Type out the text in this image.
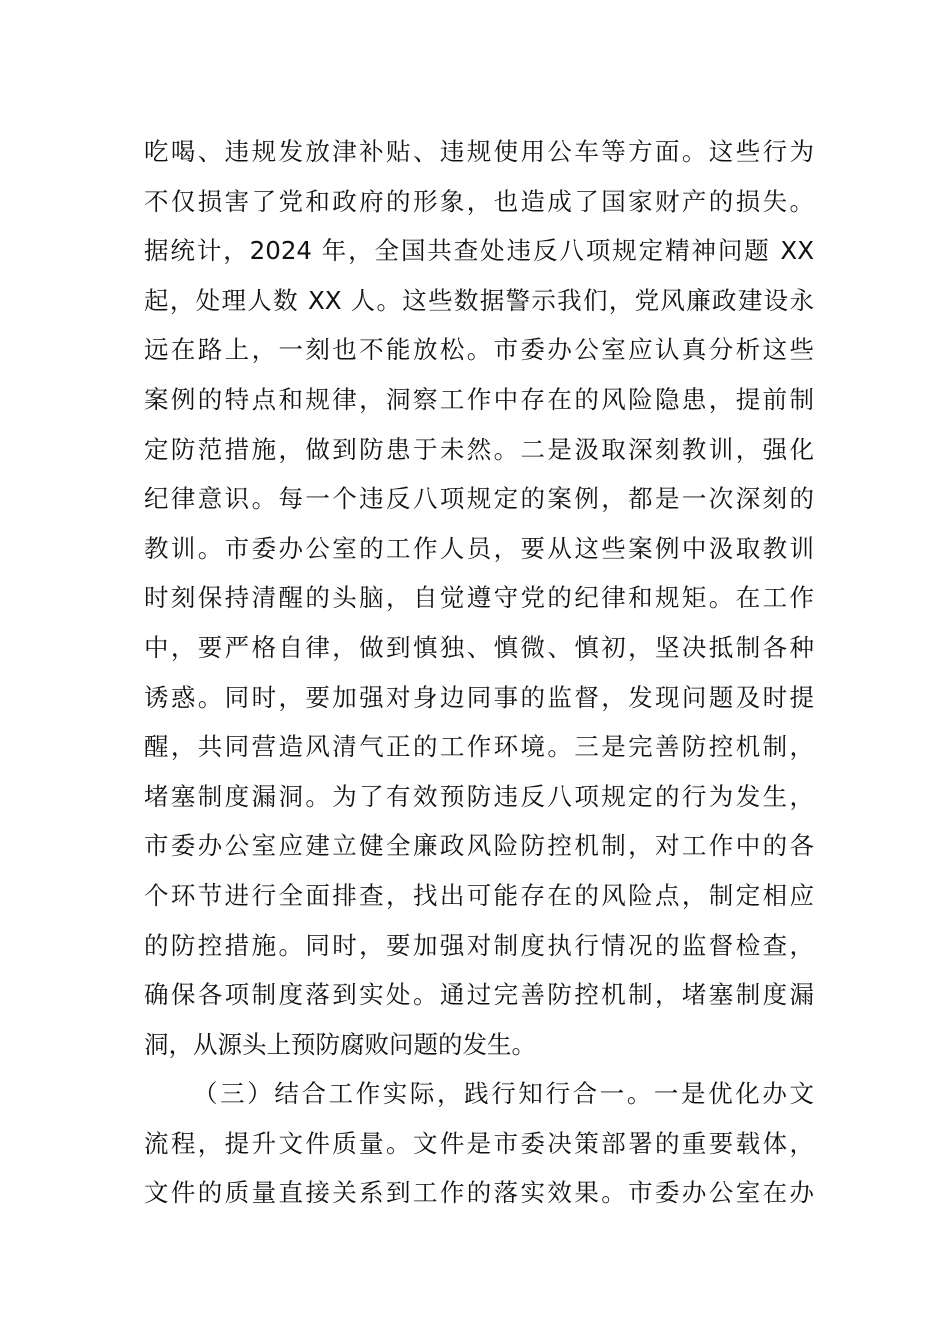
吃喝、违规发放津补贴、违规使用公车等方面。这些行为
不仅损害了党和政府的形象，也造成了国家财产的损失。
据统计，2024 年，全国共查处违反八项规定精神问题 XX
起，处理人数 XX 人。这些数据警示我们，党风廉政建设永
远在路上，一刻也不能放松。市委办公室应认真分析这些
案例的特点和规律，洞察工作中存在的风险隐患，提前制
定防范措施，做到防患于未然。二是汲取深刻教训，强化
纪律意识。每一个违反八项规定的案例，都是一次深刻的
教训。市委办公室的工作人员，要从这些案例中汲取教训
时刻保持清醒的头脑，自觉遵守党的纪律和规矩。在工作
中，要严格自律，做到慎独、慎微、慎初，坚决抵制各种
诱惑。同时，要加强对身边同事的监督，发现问题及时提
醒，共同营造风清气正的工作环境。三是完善防控机制，
堵塞制度漏洞。为了有效预防违反八项规定的行为发生，
市委办公室应建立健全廉政风险防控机制，对工作中的各
个环节进行全面排查，找出可能存在的风险点，制定相应
的防控措施。同时，要加强对制度执行情况的监督检查，
确保各项制度落到实处。通过完善防控机制，堵塞制度漏
洞，从源头上预防腐败问题的发生。
（三）结合工作实际，践行知行合一。一是优化办文
流程，提升文件质量。文件是市委决策部署的重要载体，
文件的质量直接关系到工作的落实效果。市委办公室在办
